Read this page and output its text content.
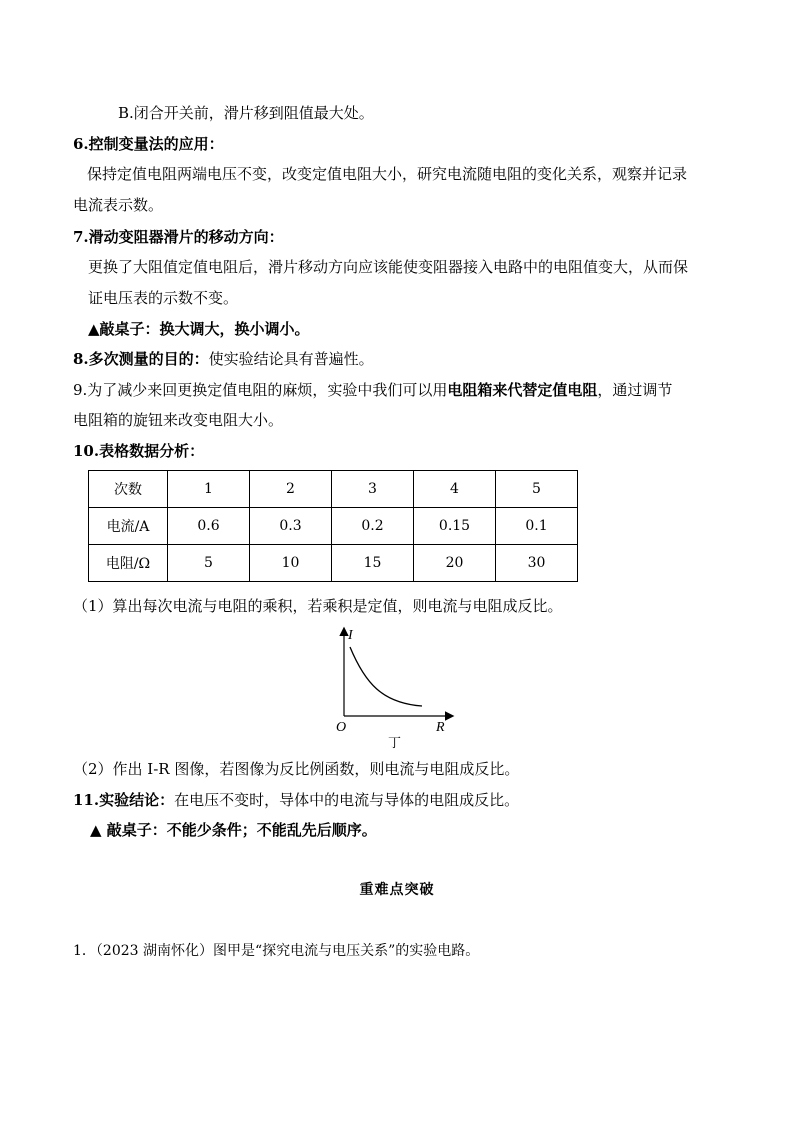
B.闭合开关前，滑片移到阻值最大处。
6.控制变量法的应用：
保持定值电阻两端电压不变，改变定值电阻大小，研究电流随电阻的变化关系，观察并记录
电流表示数。
7.滑动变阻器滑片的移动方向：
更换了大阻值定值电阻后，滑片移动方向应该能使变阻器接入电路中的电阻值变大，从而保
证电压表的示数不变。
▲敲桌子：换大调大，换小调小。
8.多次测量的目的：使实验结论具有普遍性。
9.为了减少来回更换定值电阻的麻烦，实验中我们可以用电阻箱来代替定值电阻，通过调节
电阻箱的旋钮来改变电阻大小。
10.表格数据分析：
次数	1	2	3	4	5
电流/A	0.6	0.3	0.2	0.15	0.1
电阻/Ω	5	10	15	20	30
（1）算出每次电流与电阻的乘积，若乘积是定值，则电流与电阻成反比。
I
R
O
丁
（2）作出 I-R 图像，若图像为反比例函数，则电流与电阻成反比。
11.实验结论：在电压不变时，导体中的电流与导体的电阻成反比。
▲ 敲桌子：不能少条件；不能乱先后顺序。
重难点突破
1．（2023 湖南怀化）图甲是“探究电流与电压关系”的实验电路。
